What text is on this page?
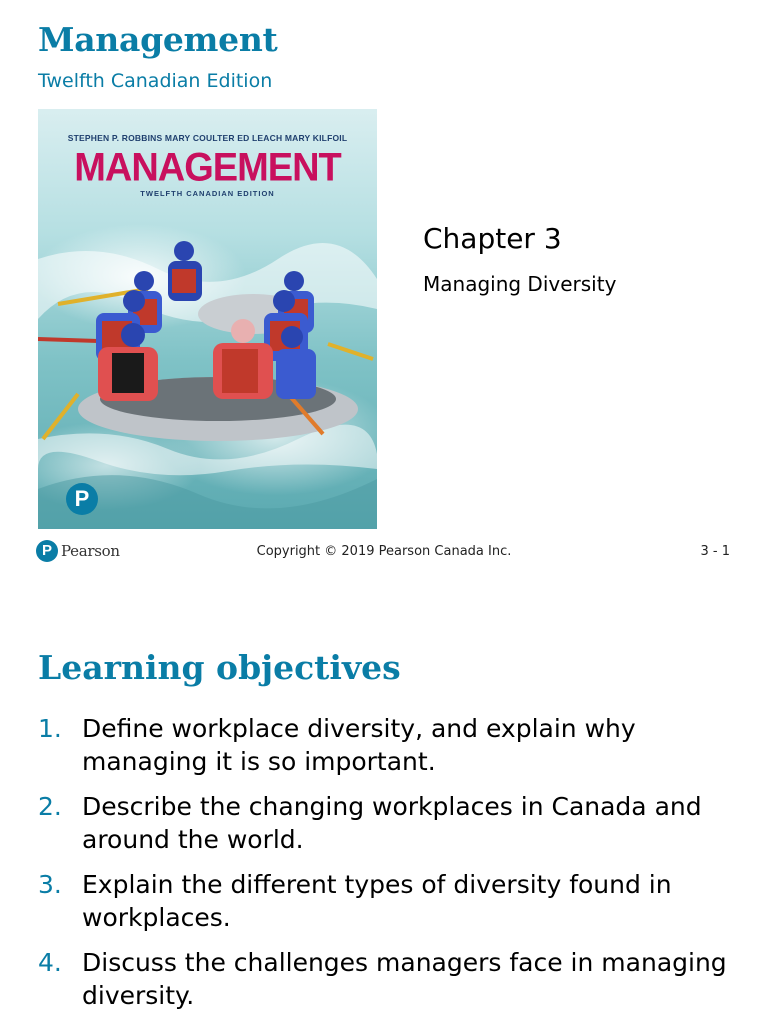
Management

Twelfth Canadian Edition

STEPHEN P. ROBBINS MARY COULTER ED LEACH MARY KILFOIL
MANAGEMENT
TWELFTH CANADIAN EDITION
P
Chapter 3

Managing Diversity

P Pearson	Copyright © 2019 Pearson Canada Inc.	3 - 1
Learning objectives
1. Define workplace diversity, and explain why managing it is so important.
2. Describe the changing workplaces in Canada and around the world.
3. Explain the different types of diversity found in workplaces.
4. Discuss the challenges managers face in managing diversity.
